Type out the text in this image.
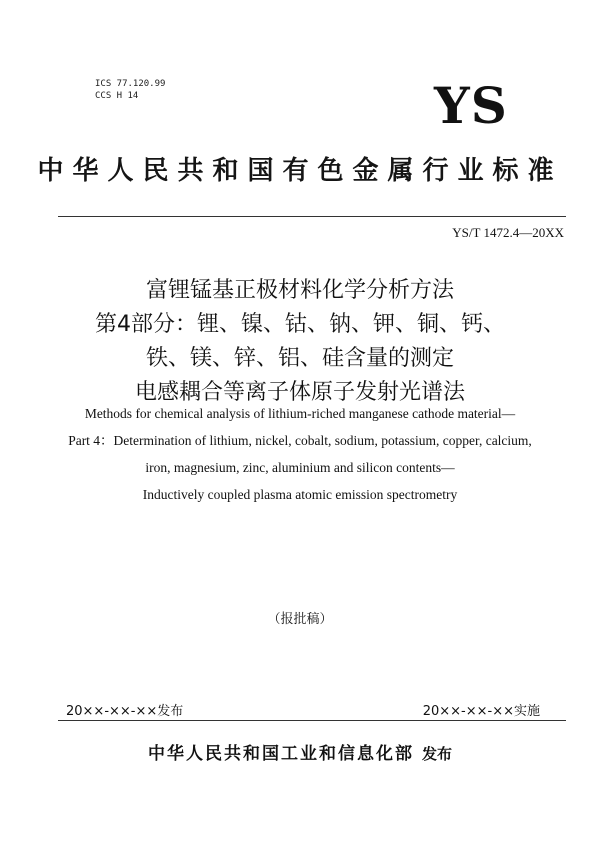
ICS 77.120.99
CCS H 14	YS
中华人民共和国有色金属行业标准
YS/T 1472.4—20XX
富锂锰基正极材料化学分析方法
第4部分：锂、镍、钴、钠、钾、铜、钙、
铁、镁、锌、铝、硅含量的测定
电感耦合等离子体原子发射光谱法
Methods for chemical analysis of lithium-riched manganese cathode material—
Part 4：Determination of lithium, nickel, cobalt, sodium, potassium, copper, calcium,
iron, magnesium, zinc, aluminium and silicon contents—
Inductively coupled plasma atomic emission spectrometry
（报批稿）
20××-××-××发布	20××-××-××实施
中华人民共和国工业和信息化部 发布
